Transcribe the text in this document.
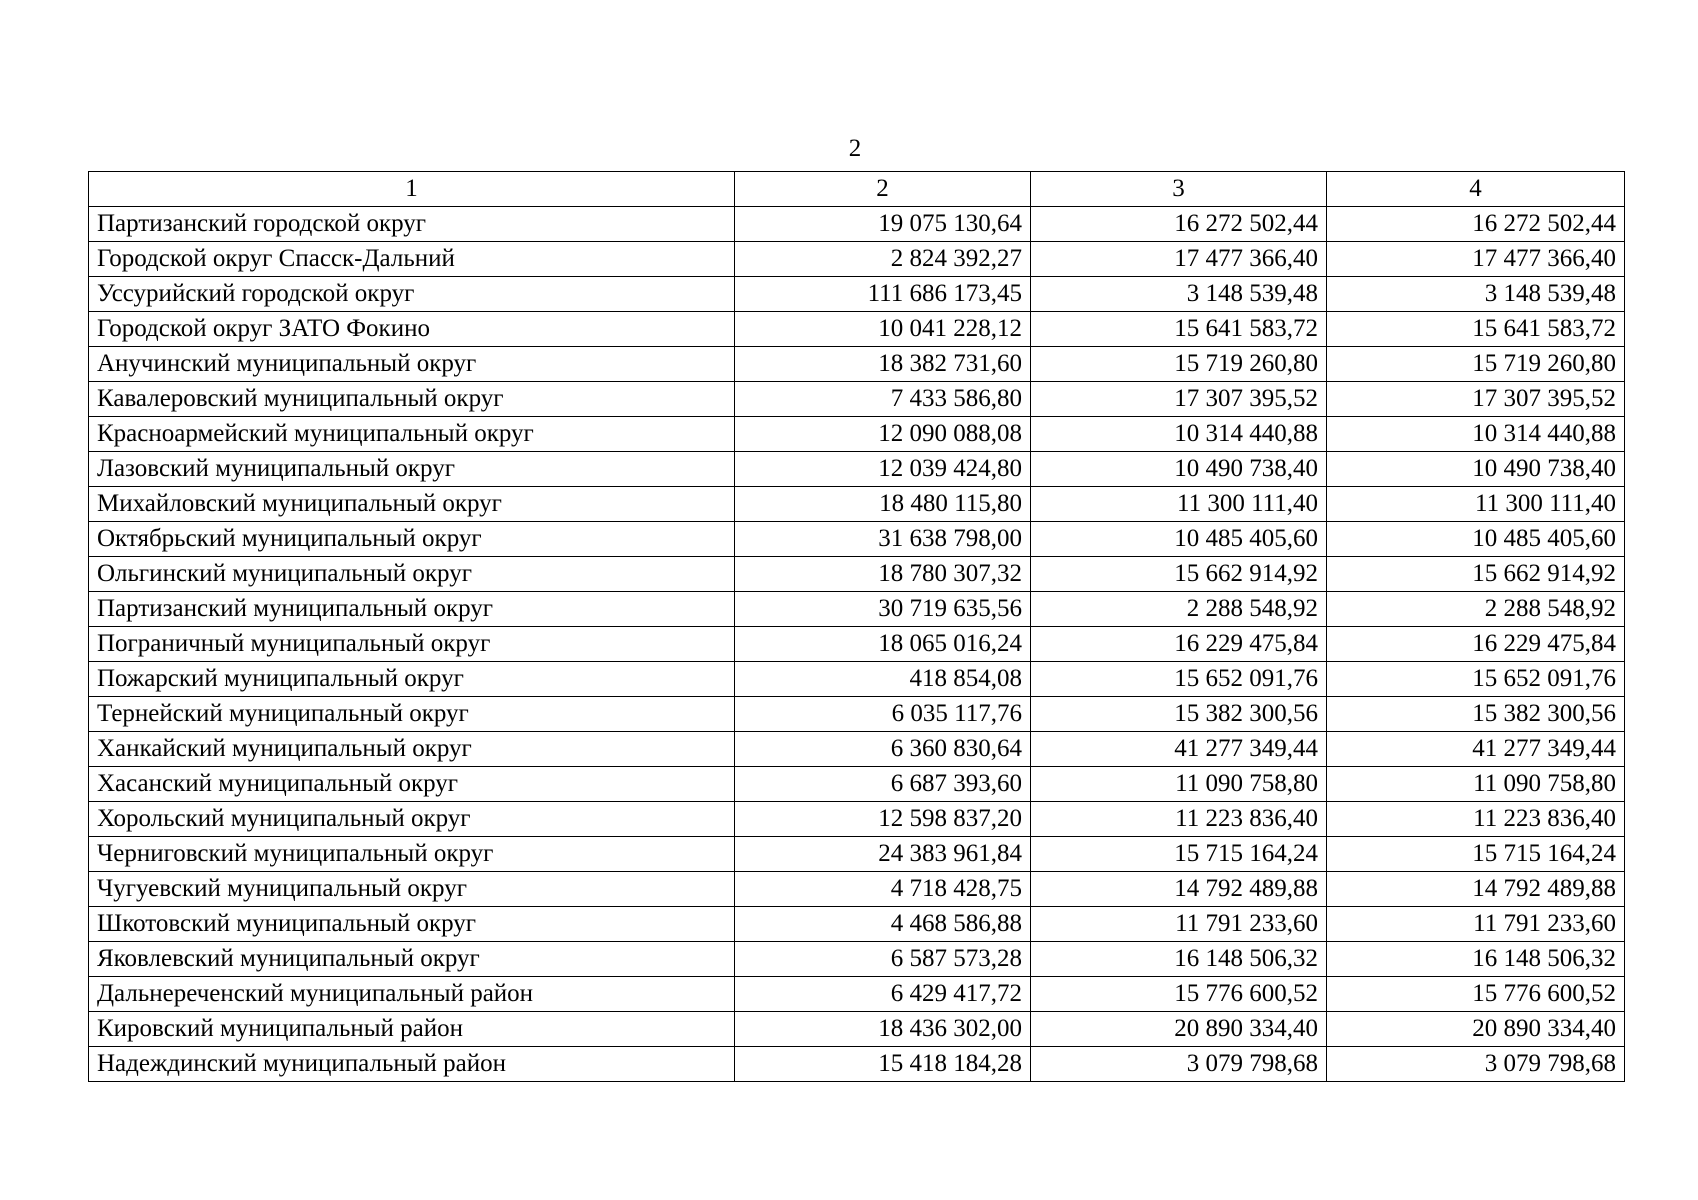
2
1	2	3	4
Партизанский городской округ	19 075 130,64	16 272 502,44	16 272 502,44
Городской округ Спасск-Дальний	2 824 392,27	17 477 366,40	17 477 366,40
Уссурийский городской округ	111 686 173,45	3 148 539,48	3 148 539,48
Городской округ ЗАТО Фокино	10 041 228,12	15 641 583,72	15 641 583,72
Анучинский муниципальный округ	18 382 731,60	15 719 260,80	15 719 260,80
Кавалеровский муниципальный округ	7 433 586,80	17 307 395,52	17 307 395,52
Красноармейский муниципальный округ	12 090 088,08	10 314 440,88	10 314 440,88
Лазовский муниципальный округ	12 039 424,80	10 490 738,40	10 490 738,40
Михайловский муниципальный округ	18 480 115,80	11 300 111,40	11 300 111,40
Октябрьский муниципальный округ	31 638 798,00	10 485 405,60	10 485 405,60
Ольгинский муниципальный округ	18 780 307,32	15 662 914,92	15 662 914,92
Партизанский муниципальный округ	30 719 635,56	2 288 548,92	2 288 548,92
Пограничный муниципальный округ	18 065 016,24	16 229 475,84	16 229 475,84
Пожарский муниципальный округ	418 854,08	15 652 091,76	15 652 091,76
Тернейский муниципальный округ	6 035 117,76	15 382 300,56	15 382 300,56
Ханкайский муниципальный округ	6 360 830,64	41 277 349,44	41 277 349,44
Хасанский муниципальный округ	6 687 393,60	11 090 758,80	11 090 758,80
Хорольский муниципальный округ	12 598 837,20	11 223 836,40	11 223 836,40
Черниговский муниципальный округ	24 383 961,84	15 715 164,24	15 715 164,24
Чугуевский муниципальный округ	4 718 428,75	14 792 489,88	14 792 489,88
Шкотовский муниципальный округ	4 468 586,88	11 791 233,60	11 791 233,60
Яковлевский муниципальный округ	6 587 573,28	16 148 506,32	16 148 506,32
Дальнереченский муниципальный район	6 429 417,72	15 776 600,52	15 776 600,52
Кировский муниципальный район	18 436 302,00	20 890 334,40	20 890 334,40
Надеждинский муниципальный район	15 418 184,28	3 079 798,68	3 079 798,68
